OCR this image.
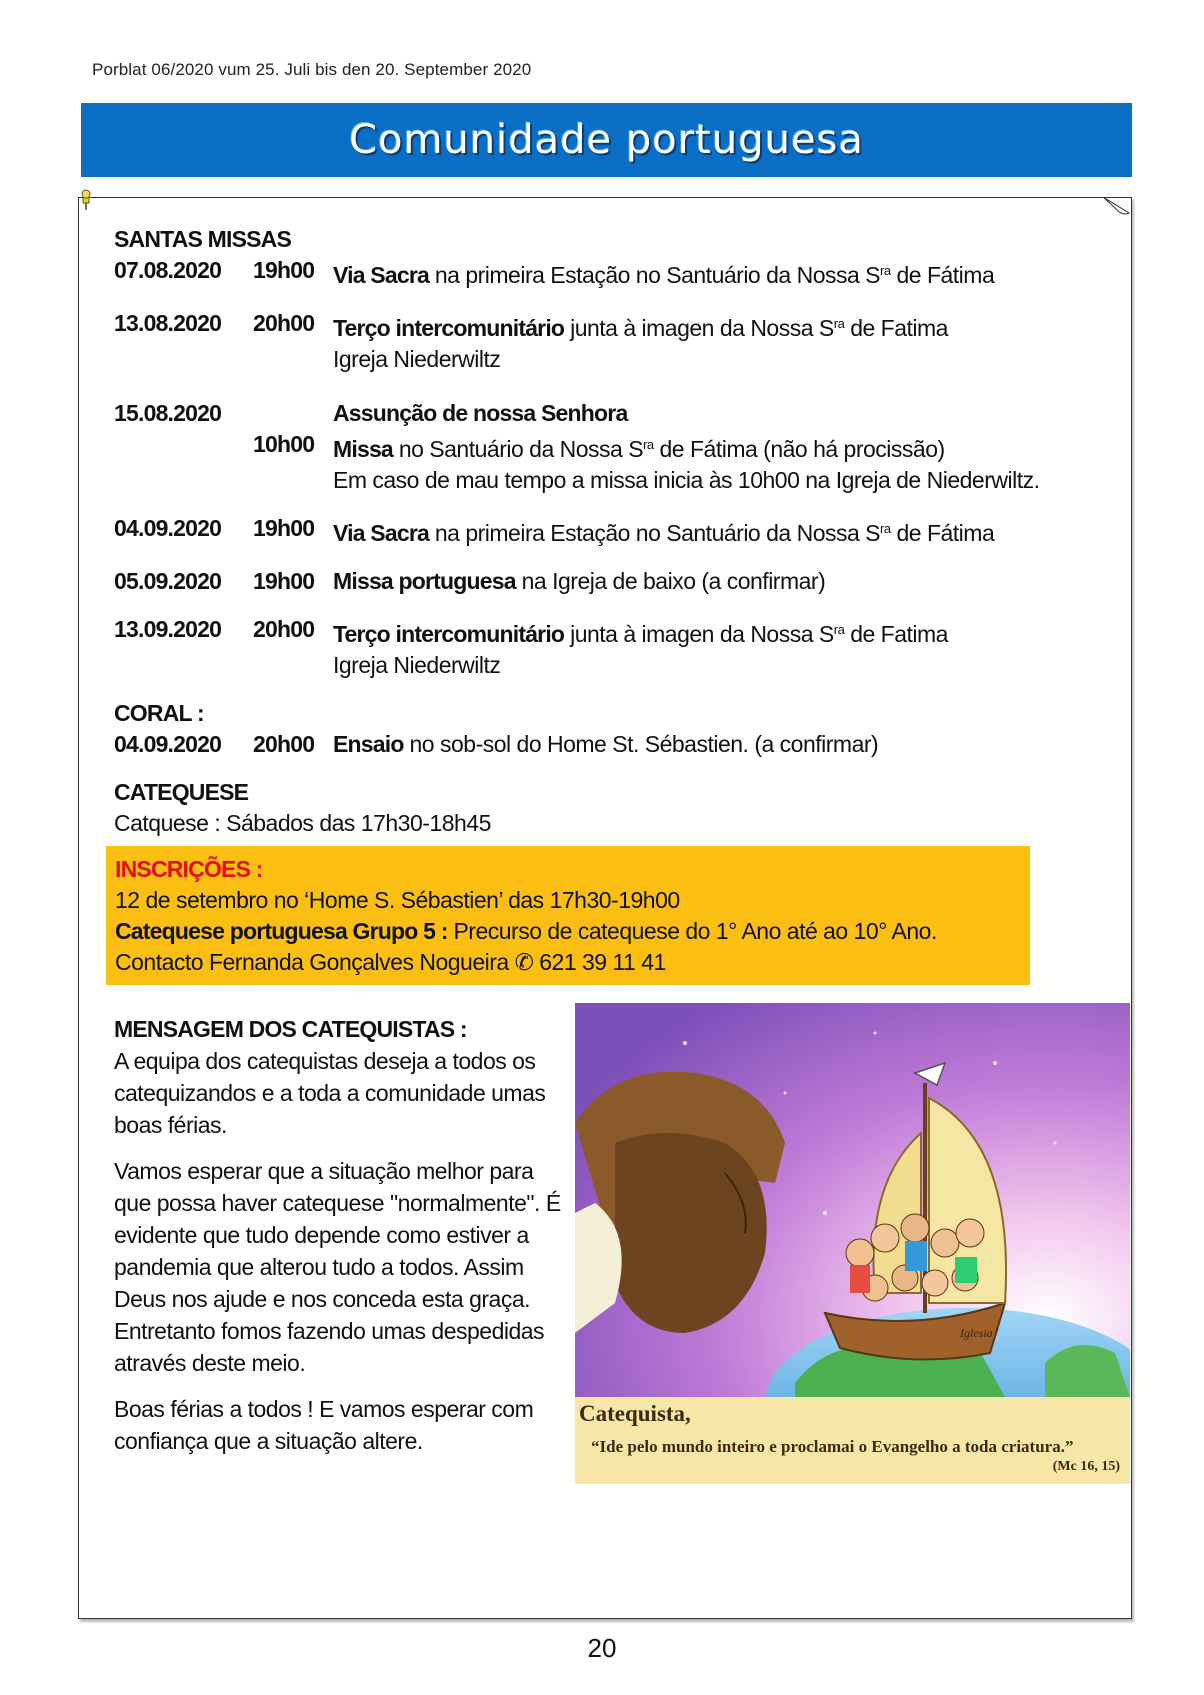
Porblat 06/2020 vum 25. Juli bis den 20. September 2020
Comunidade portuguesa
SANTAS MISSAS
07.08.2020	19h00 Via Sacra na primeira Estação no Santuário da Nossa $S^{ra}$ de Fátima
13.08.2020	20h00 Terço intercomunitário junta à imagen da Nossa $S^{ra}$ de Fatima
Igreja Niederwiltz
15.08.2020	Assunção de nossa Senhora
10h00 Missa no Santuário da Nossa $S^{ra}$ de Fátima (não há procissão)
Em caso de mau tempo a missa inicia às 10h00 na Igreja de Niederwiltz.
04.09.2020	19h00 Via Sacra na primeira Estação no Santuário da Nossa $S^{ra}$ de Fátima
05.09.2020	19h00 Missa portuguesa na Igreja de baixo (a confirmar)
13.09.2020	20h00 Terço intercomunitário junta à imagen da Nossa $S^{ra}$ de Fatima
Igreja Niederwiltz
CORAL :
04.09.2020	20h00 Ensaio no sob-sol do Home St. Sébastien. (a confirmar)
CATEQUESE
Catquese : Sábados das 17h30-18h45
INSCRIÇÕES :
12 de setembro no ‘Home S. Sébastien’ das 17h30-19h00
Catequese portuguesa Grupo 5 : Precurso de catequese do 1° Ano até ao 10° Ano.
Contacto Fernanda Gonçalves Nogueira ✆ 621 39 11 41
MENSAGEM DOS CATEQUISTAS :

A equipa dos catequistas deseja a todos os catequizandos e a toda a comunidade umas boas férias.

Vamos esperar que a situação melhor para que possa haver catequese "normalmente". É evidente que tudo depende como estiver a pandemia que alterou tudo a todos. Assim Deus nos ajude e nos conceda esta graça. Entretanto fomos fazendo umas despedidas através deste meio.

Boas férias a todos ! E vamos esperar com confiança que a situação altere.

Iglesia
Catequista,
“Ide pelo mundo inteiro e proclamai o Evangelho a toda criatura.”
(Mc 16, 15)
20
